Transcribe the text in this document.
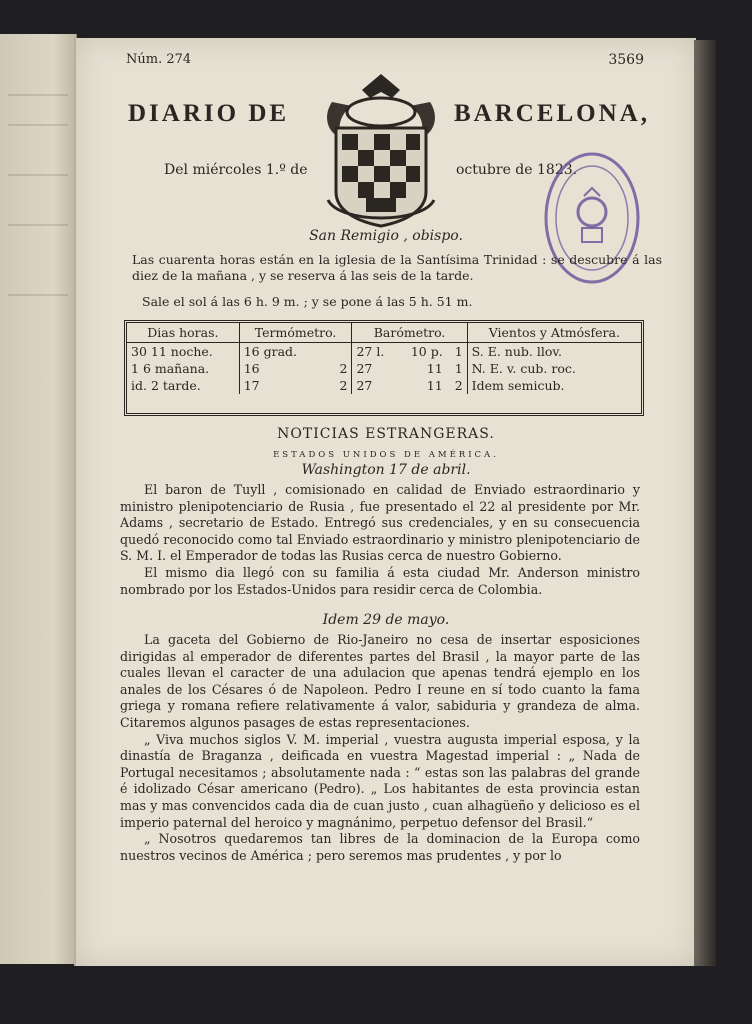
Núm. 274	3569
DIARIO DE	BARCELONA,
Del miércoles 1.º de	octubre de 1823.
San Remigio , obispo.
Las cuarenta horas están en la iglesia de la Santísima Trinidad : se descubre á las diez de la mañana , y se reserva á las seis de la tarde.
Sale el sol á las 6 h. 9 m. ; y se pone á las 5 h. 51 m.
Dias horas.	Termómetro.	Barómetro.			Vientos y Atmósfera.
30 11 noche.	16 grad.	27 l.	10 p.	1	S. E. nub. llov.
1 6 mañana.	16 2	27	11	1	N. E. v. cub. roc.
id. 2 tarde.	17 2	27	11	2	Idem semicub.
NOTICIAS ESTRANGERAS.
ESTADOS UNIDOS DE AMÉRICA.
Washington 17 de abril.

El baron de Tuyll , comisionado en calidad de Enviado estraordinario y ministro plenipotenciario de Rusia , fue presentado el 22 al presidente por Mr. Adams , secretario de Estado. Entregó sus credenciales, y en su consecuencia quedó reconocido como tal Enviado estraordinario y ministro plenipotenciario de S. M. I. el Emperador de todas las Rusias cerca de nuestro Gobierno.

El mismo dia llegó con su familia á esta ciudad Mr. Anderson ministro nombrado por los Estados-Unidos para residir cerca de Colombia.

Idem 29 de mayo.

La gaceta del Gobierno de Rio-Janeiro no cesa de insertar esposiciones dirigidas al emperador de diferentes partes del Brasil , la mayor parte de las cuales llevan el caracter de una adulacion que apenas tendrá ejemplo en los anales de los Césares ó de Napoleon. Pedro I reune en sí todo cuanto la fama griega y romana refiere relativamente á valor, sabiduria y grandeza de alma. Citaremos algunos pasages de estas representaciones.

„ Viva muchos siglos V. M. imperial , vuestra augusta imperial esposa, y la dinastía de Braganza , deificada en vuestra Magestad imperial : „ Nada de Portugal necesitamos ; absolutamente nada : “ estas son las palabras del grande é idolizado César americano (Pedro). „ Los habitantes de esta provincia estan mas y mas convencidos cada dia de cuan justo , cuan alhagüeño y delicioso es el imperio paternal del heroico y magnánimo, perpetuo defensor del Brasil.“

„ Nosotros quedaremos tan libres de la dominacion de la Europa como nuestros vecinos de América ; pero seremos mas prudentes , y por lo
